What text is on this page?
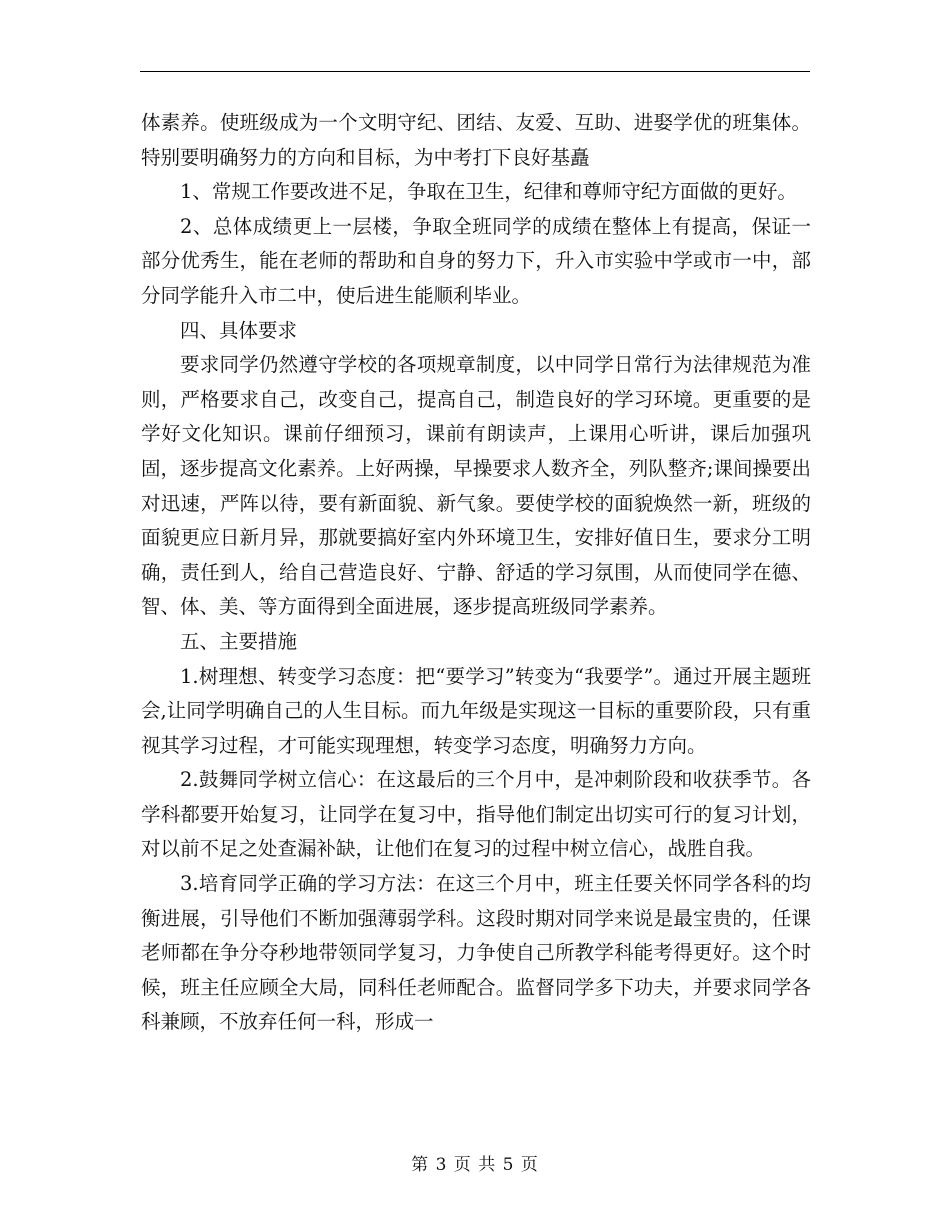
体素养。使班级成为一个文明守纪、团结、友爱、互助、进娶学优的班集体。特别要明确努力的方向和目标，为中考打下良好基矗

1、常规工作要改进不足，争取在卫生，纪律和尊师守纪方面做的更好。

2、总体成绩更上一层楼，争取全班同学的成绩在整体上有提高，保证一部分优秀生，能在老师的帮助和自身的努力下，升入市实验中学或市一中，部分同学能升入市二中，使后进生能顺利毕业。

四、具体要求

要求同学仍然遵守学校的各项规章制度，以中同学日常行为法律规范为准则，严格要求自己，改变自己，提高自己，制造良好的学习环境。更重要的是学好文化知识。课前仔细预习，课前有朗读声，上课用心听讲，课后加强巩固，逐步提高文化素养。上好两操，早操要求人数齐全，列队整齐;课间操要出对迅速，严阵以待，要有新面貌、新气象。要使学校的面貌焕然一新，班级的面貌更应日新月异，那就要搞好室内外环境卫生，安排好值日生，要求分工明确，责任到人，给自己营造良好、宁静、舒适的学习氛围，从而使同学在德、智、体、美、等方面得到全面进展，逐步提高班级同学素养。

五、主要措施

1.树理想、转变学习态度：把“要学习”转变为“我要学”。通过开展主题班会,让同学明确自己的人生目标。而九年级是实现这一目标的重要阶段，只有重视其学习过程，才可能实现理想，转变学习态度，明确努力方向。

2.鼓舞同学树立信心：在这最后的三个月中，是冲刺阶段和收获季节。各学科都要开始复习，让同学在复习中，指导他们制定出切实可行的复习计划，对以前不足之处查漏补缺，让他们在复习的过程中树立信心，战胜自我。

3.培育同学正确的学习方法：在这三个月中，班主任要关怀同学各科的均衡进展，引导他们不断加强薄弱学科。这段时期对同学来说是最宝贵的，任课老师都在争分夺秒地带领同学复习，力争使自己所教学科能考得更好。这个时候，班主任应顾全大局，同科任老师配合。监督同学多下功夫，并要求同学各科兼顾，不放弃任何一科，形成一

第 3 页 共 5 页
